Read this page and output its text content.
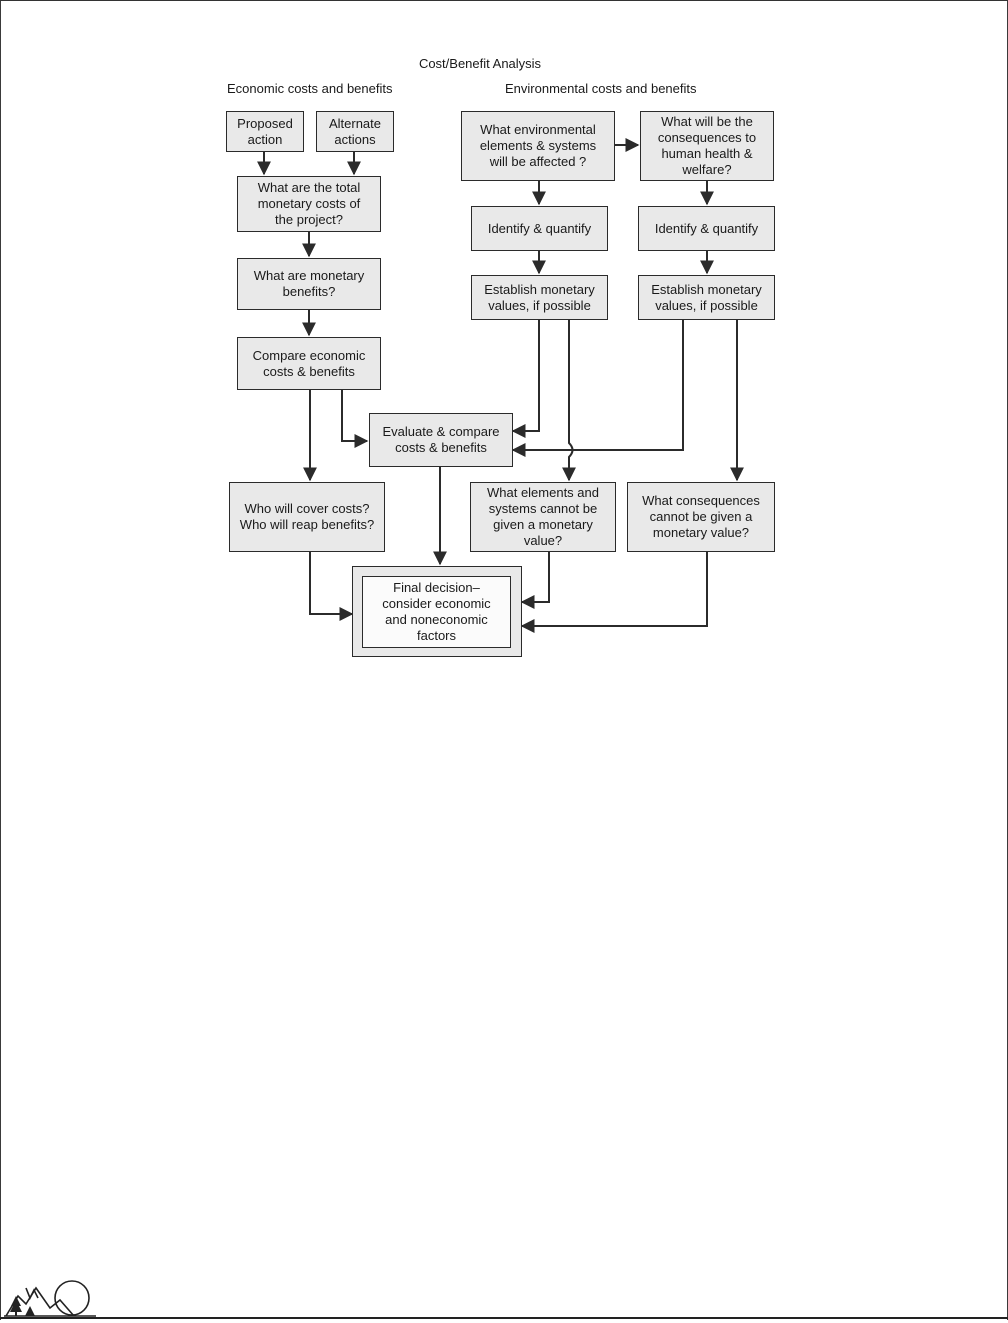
Cost/Benefit Analysis
Economic costs and benefits	Environmental costs and benefits
Proposed
action
Alternate
actions
What are the total
monetary costs of
the project?
What are monetary
benefits?
Compare economic
costs & benefits
What environmental
elements & systems
will be affected ?
What will be the
consequences to
human health &
welfare?
Identify & quantify	Identify & quantify
Establish monetary
values, if possible
Establish monetary
values, if possible
Evaluate & compare
costs & benefits
Who will cover costs?
Who will reap benefits?
What elements and
systems cannot be
given a monetary
value?
What consequences
cannot be given a
monetary value?
Final decision–
consider economic
and noneconomic
factors
